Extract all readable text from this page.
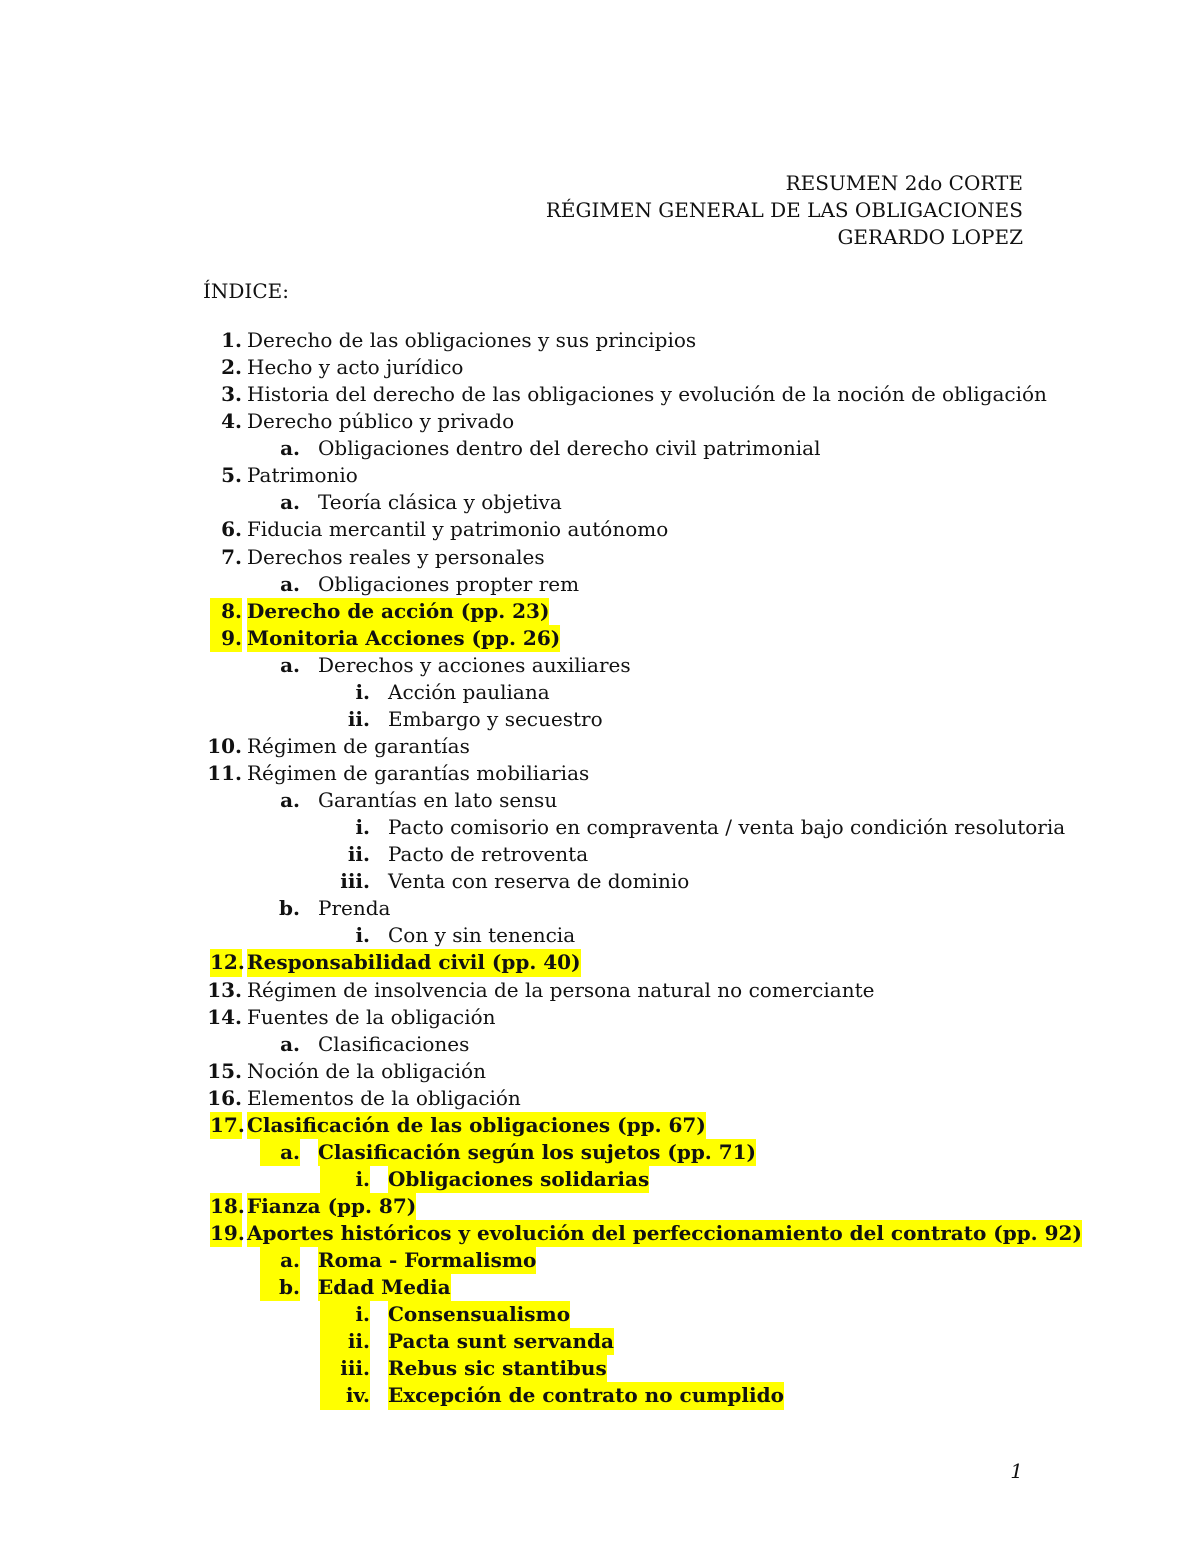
RESUMEN 2do CORTE
RÉGIMEN GENERAL DE LAS OBLIGACIONES
GERARDO LOPEZ
ÍNDICE:
1. Derecho de las obligaciones y sus principios
2. Hecho y acto jurídico
3. Historia del derecho de las obligaciones y evolución de la noción de obligación
4. Derecho público y privado
a. Obligaciones dentro del derecho civil patrimonial
5. Patrimonio
a. Teoría clásica y objetiva
6. Fiducia mercantil y patrimonio autónomo
7. Derechos reales y personales
a. Obligaciones propter rem
8. Derecho de acción (pp. 23)
9. Monitoria Acciones (pp. 26)
a. Derechos y acciones auxiliares
i. Acción pauliana
ii. Embargo y secuestro
10. Régimen de garantías
11. Régimen de garantías mobiliarias
a. Garantías en lato sensu
i. Pacto comisorio en compraventa / venta bajo condición resolutoria
ii. Pacto de retroventa
iii. Venta con reserva de dominio
b. Prenda
i. Con y sin tenencia
12. Responsabilidad civil (pp. 40)
13. Régimen de insolvencia de la persona natural no comerciante
14. Fuentes de la obligación
a. Clasificaciones
15. Noción de la obligación
16. Elementos de la obligación
17. Clasificación de las obligaciones (pp. 67)
a. Clasificación según los sujetos (pp. 71)
i. Obligaciones solidarias
18. Fianza (pp. 87)
19. Aportes históricos y evolución del perfeccionamiento del contrato (pp. 92)
a. Roma - Formalismo
b. Edad Media
i. Consensualismo
ii. Pacta sunt servanda
iii. Rebus sic stantibus
iv. Excepción de contrato no cumplido
1
